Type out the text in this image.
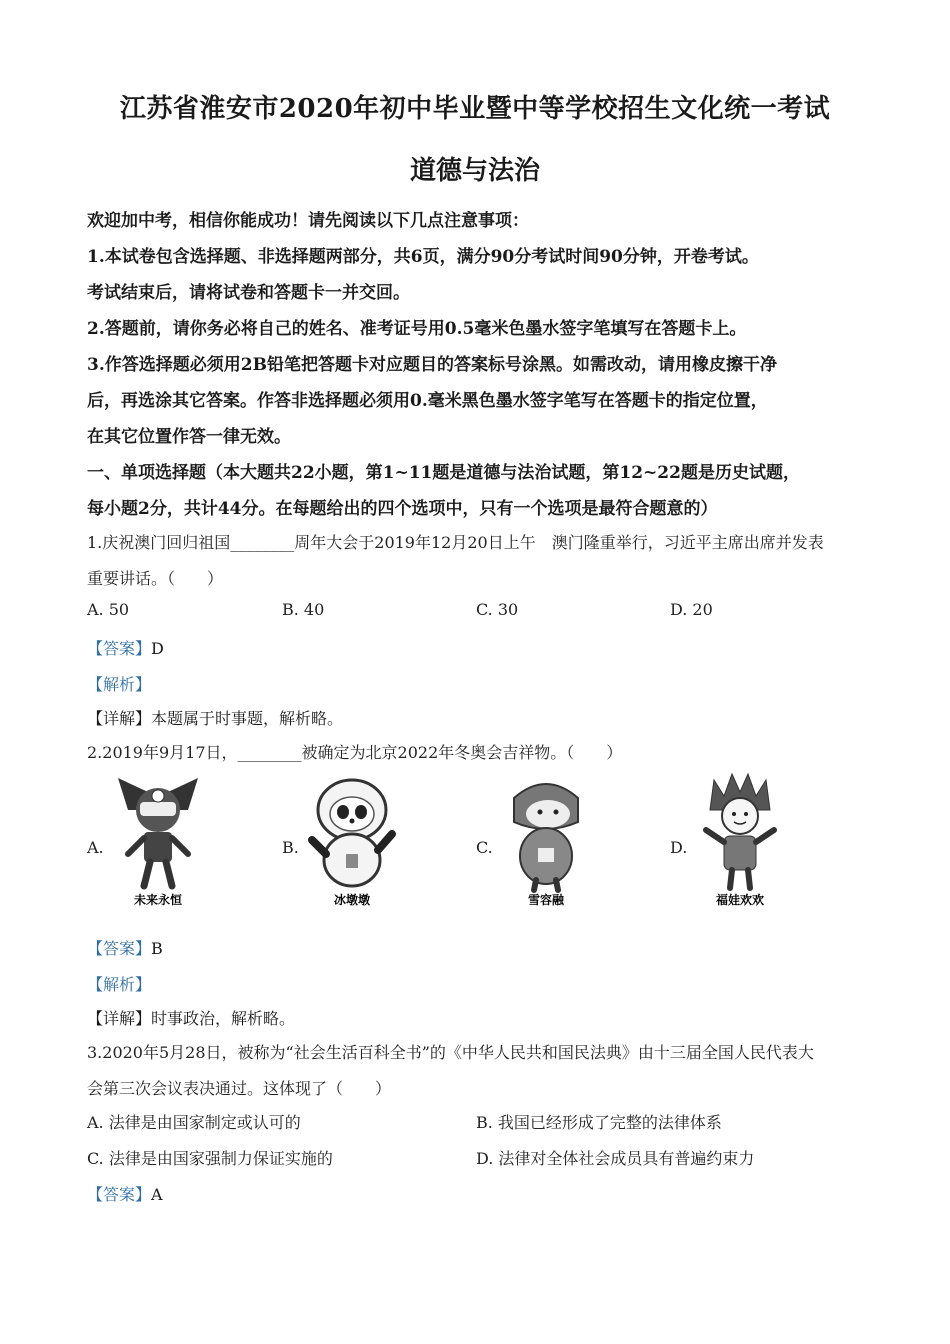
江苏省淮安市2020年初中毕业暨中等学校招生文化统一考试
道德与法治
欢迎加中考，相信你能成功！请先阅读以下几点注意事项：
1.本试卷包含选择题、非选择题两部分，共6页，满分90分考试时间90分钟，开卷考试。
考试结束后，请将试卷和答题卡一并交回。
2.答题前，请你务必将自己的姓名、准考证号用0.5毫米色墨水签字笔填写在答题卡上。
3.作答选择题必须用2B铅笔把答题卡对应题目的答案标号涂黑。如需改动，请用橡皮擦干净
后，再选涂其它答案。作答非选择题必须用0.毫米黑色墨水签字笔写在答题卡的指定位置，
在其它位置作答一律无效。
一、单项选择题（本大题共22小题，第1~11题是道德与法治试题，第12~22题是历史试题，
每小题2分，共计44分。在每题给出的四个选项中，只有一个选项是最符合题意的）
1.庆祝澳门回归祖国________周年大会于2019年12月20日上午　澳门隆重举行，习近平主席出席并发表
重要讲话。（　　）
A. 50	B. 40	C. 30	D. 20
【答案】D
【解析】
【详解】本题属于时事题，解析略。
2.2019年9月17日，________被确定为北京2022年冬奥会吉祥物。（　　）
A.	B.	C.	D.
未来永恒	冰墩墩	雪容融	福娃欢欢
【答案】B
【解析】
【详解】时事政治，解析略。
3.2020年5月28日，被称为“社会生活百科全书”的《中华人民共和国民法典》由十三届全国人民代表大
会第三次会议表决通过。这体现了（　　）
A. 法律是由国家制定或认可的	B. 我国已经形成了完整的法律体系
C. 法律是由国家强制力保证实施的	D. 法律对全体社会成员具有普遍约束力
【答案】A
